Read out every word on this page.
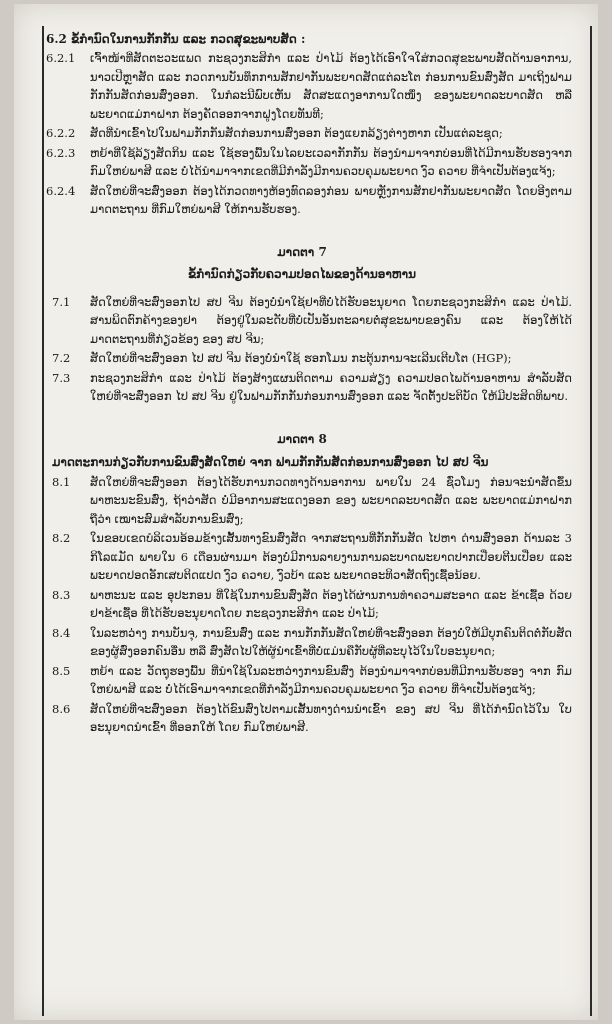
6.2 ຂໍ້ກຳນົດໃນການກັກກັນ ແລະ ກວດສຸຂະພາບສັດ :
6.2.1	ເຈົ້າໜ້າທີ່ສັດຕະວະແພດ ກະຊວງກະສິກຳ ແລະ ປ່າໄມ້ ຕ້ອງໄດ້ເອົາໃຈໃສ່ກວດສຸຂະພາບສັດດ້ານອາການ, ນາວເປີຫຼາສັດ ແລະ ກວດການບັນທຶກການສັກຢາກັນພະຍາດສັດແຕ່ລະໂຕ ກ່ອນການຂົນສົ່ງສັດ ມາເຖິງຟາມກັກກັນສັດກ່ອນສົ່ງອອກ. ໃນກໍລະນີພົບເຫັນ ສັດສະແດງອາການໃດໜຶ່ງ ຂອງພະຍາດລະບາດສັດ ຫລື ພະຍາດແມ່ກາຝາກ ຕ້ອງຄັດອອກຈາກຝູງໂດຍທັນທີ;
6.2.2	ສັດທີ່ນຳເຂົ້າໄປໃນຟາມກັກກັນສັດກ່ອນການສົ່ງອອກ ຕ້ອງແຍກລ້ຽງຕ່າງຫາກ ເປັນແຕ່ລະຊຸດ;
6.2.3	ຫຍ້າທີ່ໃຊ້ລ້ຽງສັດກິນ ແລະ ໃຊ້ຮອງພື້ນໃນໄລຍະເວລາກັກກັນ ຕ້ອງນຳມາຈາກບ່ອນທີ່ໄດ້ມີການຮັບຮອງຈາກ ກົມໃຫຍ່ພາສີ ແລະ ບໍ່ໄດ້ນຳມາຈາກເຂດທີ່ມີກຳລັງມີການຄວບຄຸມພະຍາດ ງົວ ຄວາຍ ທີ່ຈຳເປັນຕ້ອງແຈ້ງ;
6.2.4	ສັດໃຫຍ່ທີ່ຈະສົ່ງອອກ ຕ້ອງໄດ້ກວດທາງຫ້ອງທົດລອງກ່ອນ ພາຍຫຼັງການສັກຢາກັນພະຍາດສັດ ໂດຍອີງຕາມມາດຕະຖານ ທີ່ກົມໃຫຍ່ພາສີ ໃຫ້ການຮັບຮອງ.
ມາດຕາ 7
ຂໍ້ກຳນົດກ່ຽວກັບຄວາມປອດໄພຂອງດ້ານອາຫານ
7.1	ສັດໃຫຍ່ທີ່ຈະສົ່ງອອກໄປ ສປ ຈີນ ຕ້ອງບໍ່ນຳໃຊ້ຢາທີ່ບໍ່ໄດ້ຮັບອະນຸຍາດ ໂດຍກະຊວງກະສິກຳ ແລະ ປ່າໄມ້. ສານພິດຕົກຄ້າງຂອງຢາ ຕ້ອງຢູ່ໃນລະດັບທີ່ບໍ່ເປັນອັນຕະລາຍຕໍ່ສຸຂະພາບຂອງຄົນ ແລະ ຕ້ອງໃຫ້ໄດ້ມາດຕະຖານທີ່ກ່ຽວຂ້ອງ ຂອງ ສປ ຈີນ;
7.2	ສັດໃຫຍ່ທີ່ຈະສົ່ງອອກ ໄປ ສປ ຈີນ ຕ້ອງບໍ່ນຳໃຊ້ ຮອກໂມນ ກະຕຸ້ນການຈະເລີນເຕີບໂຕ (HGP);
7.3	ກະຊວງກະສິກຳ ແລະ ປ່າໄມ້ ຕ້ອງສ້າງແຜນຕິດຕາມ ຄວາມສ່ຽງ ຄວາມປອດໄພດ້ານອາຫານ ສຳລັບສັດໃຫຍ່ທີ່ຈະສົ່ງອອກ ໄປ ສປ ຈີນ ຢູ່ໃນຟາມກັກກັນກ່ອນການສົ່ງອອກ ແລະ ຈັດຕັ້ງປະຕິບັດ ໃຫ້ມີປະສິດທິພາບ.
ມາດຕາ 8
ມາດຕະການກ່ຽວກັບການຂົນສົ່ງສັດໃຫຍ່ ຈາກ ຟາມກັກກັນສັດກ່ອນການສົ່ງອອກ ໄປ ສປ ຈີນ
8.1	ສັດໃຫຍ່ທີ່ຈະສົ່ງອອກ ຕ້ອງໄດ້ຮັບການກວດທາງດ້ານອາການ ພາຍໃນ 24 ຊົ່ວໂມງ ກ່ອນຈະນຳສັດຂຶ້ນພາຫະນະຂົນສົ່ງ, ຖ້າວ່າສັດ ບໍ່ມີອາການສະແດງອອກ ຂອງ ພະຍາດລະບາດສັດ ແລະ ພະຍາດແມ່ກາຝາກ ຖືວ່າ ເໝາະສົມສຳລັບການຂົນສົ່ງ;
8.2	ໃນຂອບເຂດບໍລິເວນອ້ອມຂ້າງເສັ້ນທາງຂົນສົ່ງສັດ ຈາກສະຖານທີ່ກັກກັນສັດ ໄປຫາ ດ່ານສົ່ງອອກ ດ້ານລະ 3 ກິໂລແມັດ ພາຍໃນ 6 ເດືອນຜ່ານມາ ຕ້ອງບໍ່ມີການລາຍງານການລະບາດພະຍາດປາກເປື່ອຍຕີນເປື່ອຍ ແລະ ພະຍາດປອດອັກເສບຕິດແປດ ງົວ ຄວາຍ, ງົວບ້າ ແລະ ພະຍາດອະທິວາສັດຖົງເຊື້ອນ້ອຍ.
8.3	ພາຫະນະ ແລະ ອຸປະກອນ ທີ່ໃຊ້ໃນການຂົນສົ່ງສັດ ຕ້ອງໄດ້ຜ່ານການທຳຄວາມສະອາດ ແລະ ຂ້າເຊື້ອ ດ້ວຍຢາຂ້າເຊື້ອ ທີ່ໄດ້ຮັບອະນຸຍາດໂດຍ ກະຊວງກະສິກຳ ແລະ ປ່າໄມ້;
8.4	ໃນລະຫວ່າງ ການບັນຈຸ, ການຂົນສົ່ງ ແລະ ການກັກກັນສັດໃຫຍ່ທີ່ຈະສົ່ງອອກ ຕ້ອງບໍ່ໃຫ້ມີບຸກຄົນຕິດຕໍ່ກັບສັດ ຂອງຜູ້ສົ່ງອອກຄົນອື່ນ ຫລື ສົ່ງສັດໄປໃຫ້ຜູ້ນຳເຂົ້າທີ່ບໍ່ແມ່ນຄືກັບຜູ້ທີ່ລະບຸໄວ້ໃນໃບອະນຸຍາດ;
8.5	ຫຍ້າ ແລະ ວັດຖຸຮອງພື້ນ ທີ່ນຳໃຊ້ໃນລະຫວ່າງການຂົນສົ່ງ ຕ້ອງນຳມາຈາກບ່ອນທີ່ມີການຮັບຮອງ ຈາກ ກົມໃຫຍ່ພາສີ ແລະ ບໍ່ໄດ້ເອົາມາຈາກເຂດທີ່ກຳລັງມີການຄວບຄຸມພະຍາດ ງົວ ຄວາຍ ທີ່ຈຳເປັນຕ້ອງແຈ້ງ;
8.6	ສັດໃຫຍ່ທີ່ຈະສົ່ງອອກ ຕ້ອງໄດ້ຂົນສົ່ງໄປຕາມເສັ້ນທາງດ່ານນຳເຂົ້າ ຂອງ ສປ ຈີນ ທີ່ໄດ້ກຳນົດໄວ້ໃນ ໃບອະນຸຍາດນຳເຂົ້າ ທີ່ອອກໃຫ້ ໂດຍ ກົມໃຫຍ່ພາສີ.
